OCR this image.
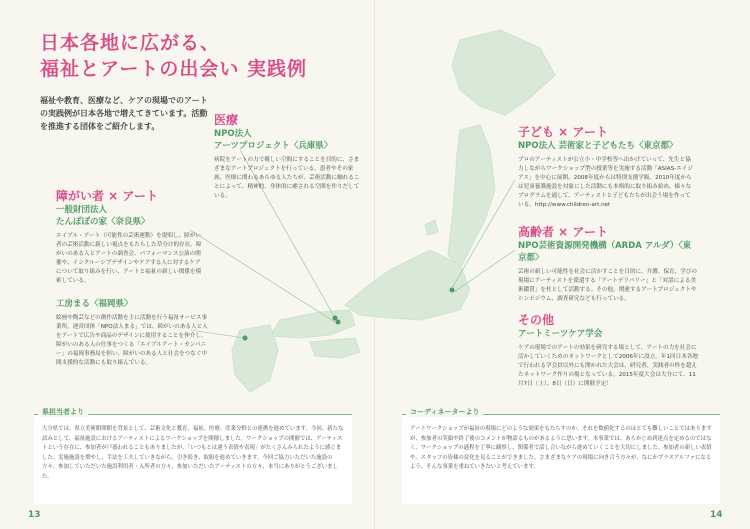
日本各地に広がる、
福祉とアートの出会い 実践例
福祉や教育、医療など、ケアの現場でのアートの実践例が日本各地で増えてきています。活動を推進する団体をご紹介します。	医療
NPO法人
アーツプロジェクト〈兵庫県〉
病院をアートの力で優しい空間にすることを目的に、さまざまなアートプロジェクトを行っている。患者やその家族、医療に関わるあらゆる人たちが、芸術活動に触れることによって、精神的、身体的に癒される空間を作りだしている。
障がい者 × アート
一般財団法人
たんぽぽの家〈奈良県〉
エイブル・アート（可能性の芸術運動）を提唱し、障がい者の芸術活動に新しい視点をもたらした草分け的存在。障がいのある人とアートの調査会、パフォーマンス公演の開催や、インクルーシブデザインやケアする人に対するケアについて取り組みを行い、アートと福祉の新しい関係を模索している。
工房まる〈福岡県〉
絵画や陶芸などの創作活動を主に活動を行う福祉サービス事業所。運営団体「NPO法人まる」では、障がいのある人と人をアートで広告や商品のデザインに使用することを仲介し、障がいのある人の仕事をつくる「エイブルアート・カンパニー」の福岡事務局を担い、障がいのある人と社会をつなぐ中間支援的な活動にも取り組んでいる。
子ども × アート
NPO法人 芸術家と子どもたち〈東京都〉
プロのアーティストが公立小・中学校等へ出かけていって、先生と協力しながらワークショップ型の授業等を実施する活動「ASIAS-エイジアス」を中心に展開。2008年度からは特別支援学級、2010年度からは児童養護施設を対象にした活動にも本格的に取り組み始め、様々なプログラムを通して、アーティストと子どもたちが出会う場を作っている。http://www.children-art.net
高齢者 × アート
NPO芸術資源開発機構（ARDA アルダ）〈東京都〉
芸術の新しい可能性を社会に活かすことを目的に、介護、保育、学びの現場にアーティストを派遣する「アートデリバリー」と「対話による美術鑑賞」を柱として活動する。その他、関連するアートプロジェクトやシンポジウム、調査研究なども行っている。
その他
アートミーツケア学会
ケアの現場でのアートの効果を研究する場として、アートの力を社会に活かしていくためのネットワークとして2006年に設立。年1回日本各地で行われる学会員以外にも開かれた大会は、研究者、実践者の枠を超えたネットワーク作りの場となっている。2015年度大会は大分にて、11月7日（土）、8日（日）に開催予定！
県担当者より
大分県では、県立美術館開館を背景として、芸術文化と教育、福祉、医療、産業分野との連携を進めています。今回、新たな試みとして、福祉施設におけるアーティストによるワークショップを開催しました。ワークショップの開催では、アーティストという存在に、参加者が戸惑われることもありましたが、「いつもとは違う表情や表現」がたくさんみられたように感じました。実施施設を増やし、手法を工夫していきながら、引き続き、取組を進めていきます。今回ご協力いただいた施設の方々、参加していただいた施設利用者・入所者の方々、参加いただいたアーティストの方々、本当にありがとうございました。
コーディネーターより
アートワークショップが福祉の現場にどのような効果をもたらすのか。それを数値化するのはとても難しいことではありますが、参加者の笑顔や終了後のコメントが物語るものがあるように思います。本事業では、あらかじめ到達点を定めるのではなく、ワークショップの過程を丁寧に観察し、関係者で話し合いながら進めていくことを大切にしました。参加者の新しい表情や、スタッフの皆様の変化を見ることができました。さまざまなケアの現場に向き合う方々が、なにかプラスアルファになるよう、そんな事業を重ねていきたいと考えています。
13	14
